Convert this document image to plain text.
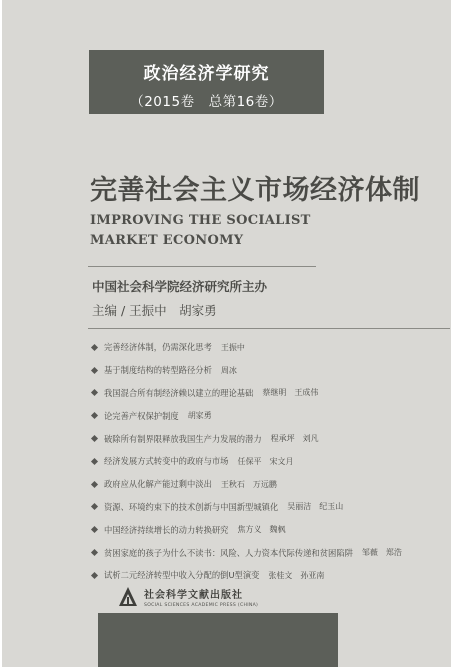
政治经济学研究
（2015卷　总第16卷）
完善社会主义市场经济体制
IMPROVING THE SOCIALIST
MARKET ECONOMY
中国社会科学院经济研究所主办
主编 / 王振中　胡家勇
完善经济体制，仍需深化思考 王振中
基于制度结构的转型路径分析 周冰
我国混合所有制经济赖以建立的理论基础 蔡继明　王成伟
论完善产权保护制度 胡家勇
破除所有制界限释放我国生产力发展的潜力 程承坪　刘凡
经济发展方式转变中的政府与市场 任保平　宋文月
政府应从化解产能过剩中淡出 王秋石　万远鹏
资源、环境约束下的技术创新与中国新型城镇化 吴丽洁　纪玉山
中国经济持续增长的动力转换研究 焦方义　魏枫
贫困家庭的孩子为什么不读书：风险、人力资本代际传递和贫困陷阱 邹薇　郑浩
试析二元经济转型中收入分配的倒U型演变 张桂文　孙亚南
社会科学文献出版社
SOCIAL SCIENCES ACADEMIC PRESS (CHINA)
